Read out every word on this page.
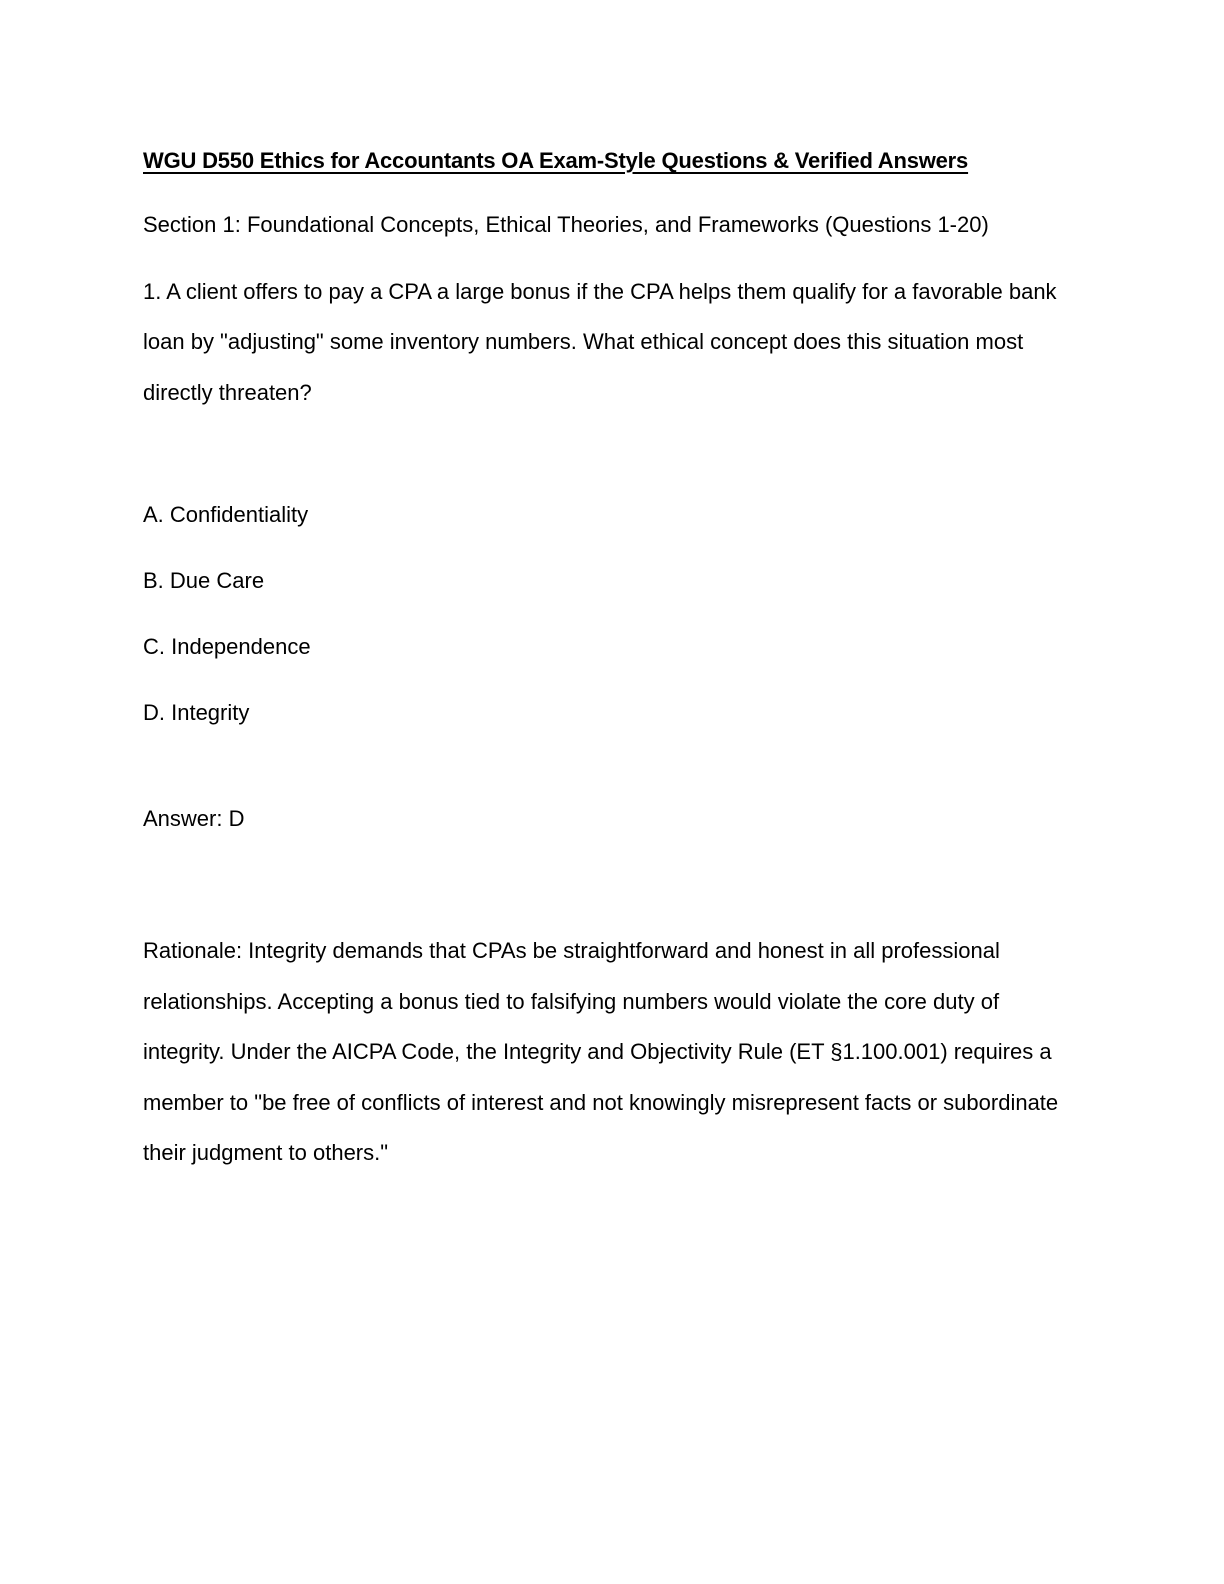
WGU D550 Ethics for Accountants OA Exam-Style Questions & Verified Answers

Section 1: Foundational Concepts, Ethical Theories, and Frameworks (Questions 1-20)

1. A client offers to pay a CPA a large bonus if the CPA helps them qualify for a favorable bank loan by "adjusting" some inventory numbers. What ethical concept does this situation most directly threaten?

A. Confidentiality

B. Due Care

C. Independence

D. Integrity

Answer: D

Rationale: Integrity demands that CPAs be straightforward and honest in all professional relationships. Accepting a bonus tied to falsifying numbers would violate the core duty of integrity. Under the AICPA Code, the Integrity and Objectivity Rule (ET §1.100.001) requires a member to "be free of conflicts of interest and not knowingly misrepresent facts or subordinate their judgment to others."
